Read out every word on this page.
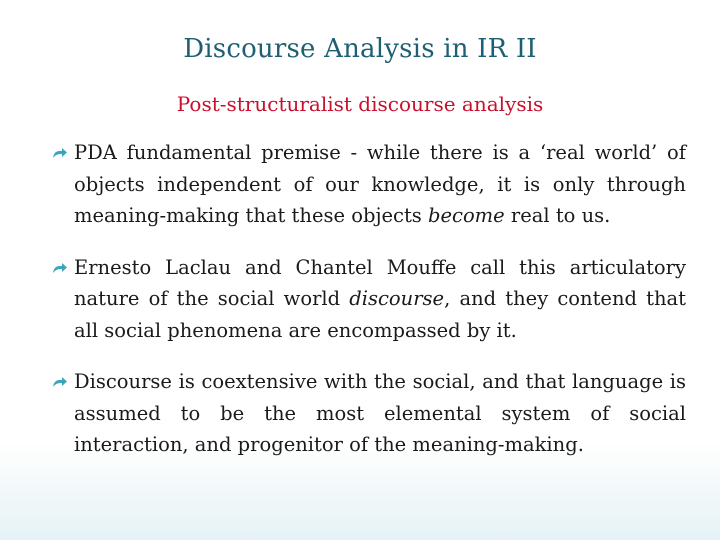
Discourse Analysis in IR II
Post-structuralist discourse analysis
PDA fundamental premise - while there is a ‘real world’ of objects independent of our knowledge, it is only through meaning-making that these objects become real to us.
Ernesto Laclau and Chantel Mouffe call this articulatory nature of the social world discourse, and they contend that all social phenomena are encompassed by it.
Discourse is coextensive with the social, and that language is assumed to be the most elemental system of social interaction, and progenitor of the meaning-making.
